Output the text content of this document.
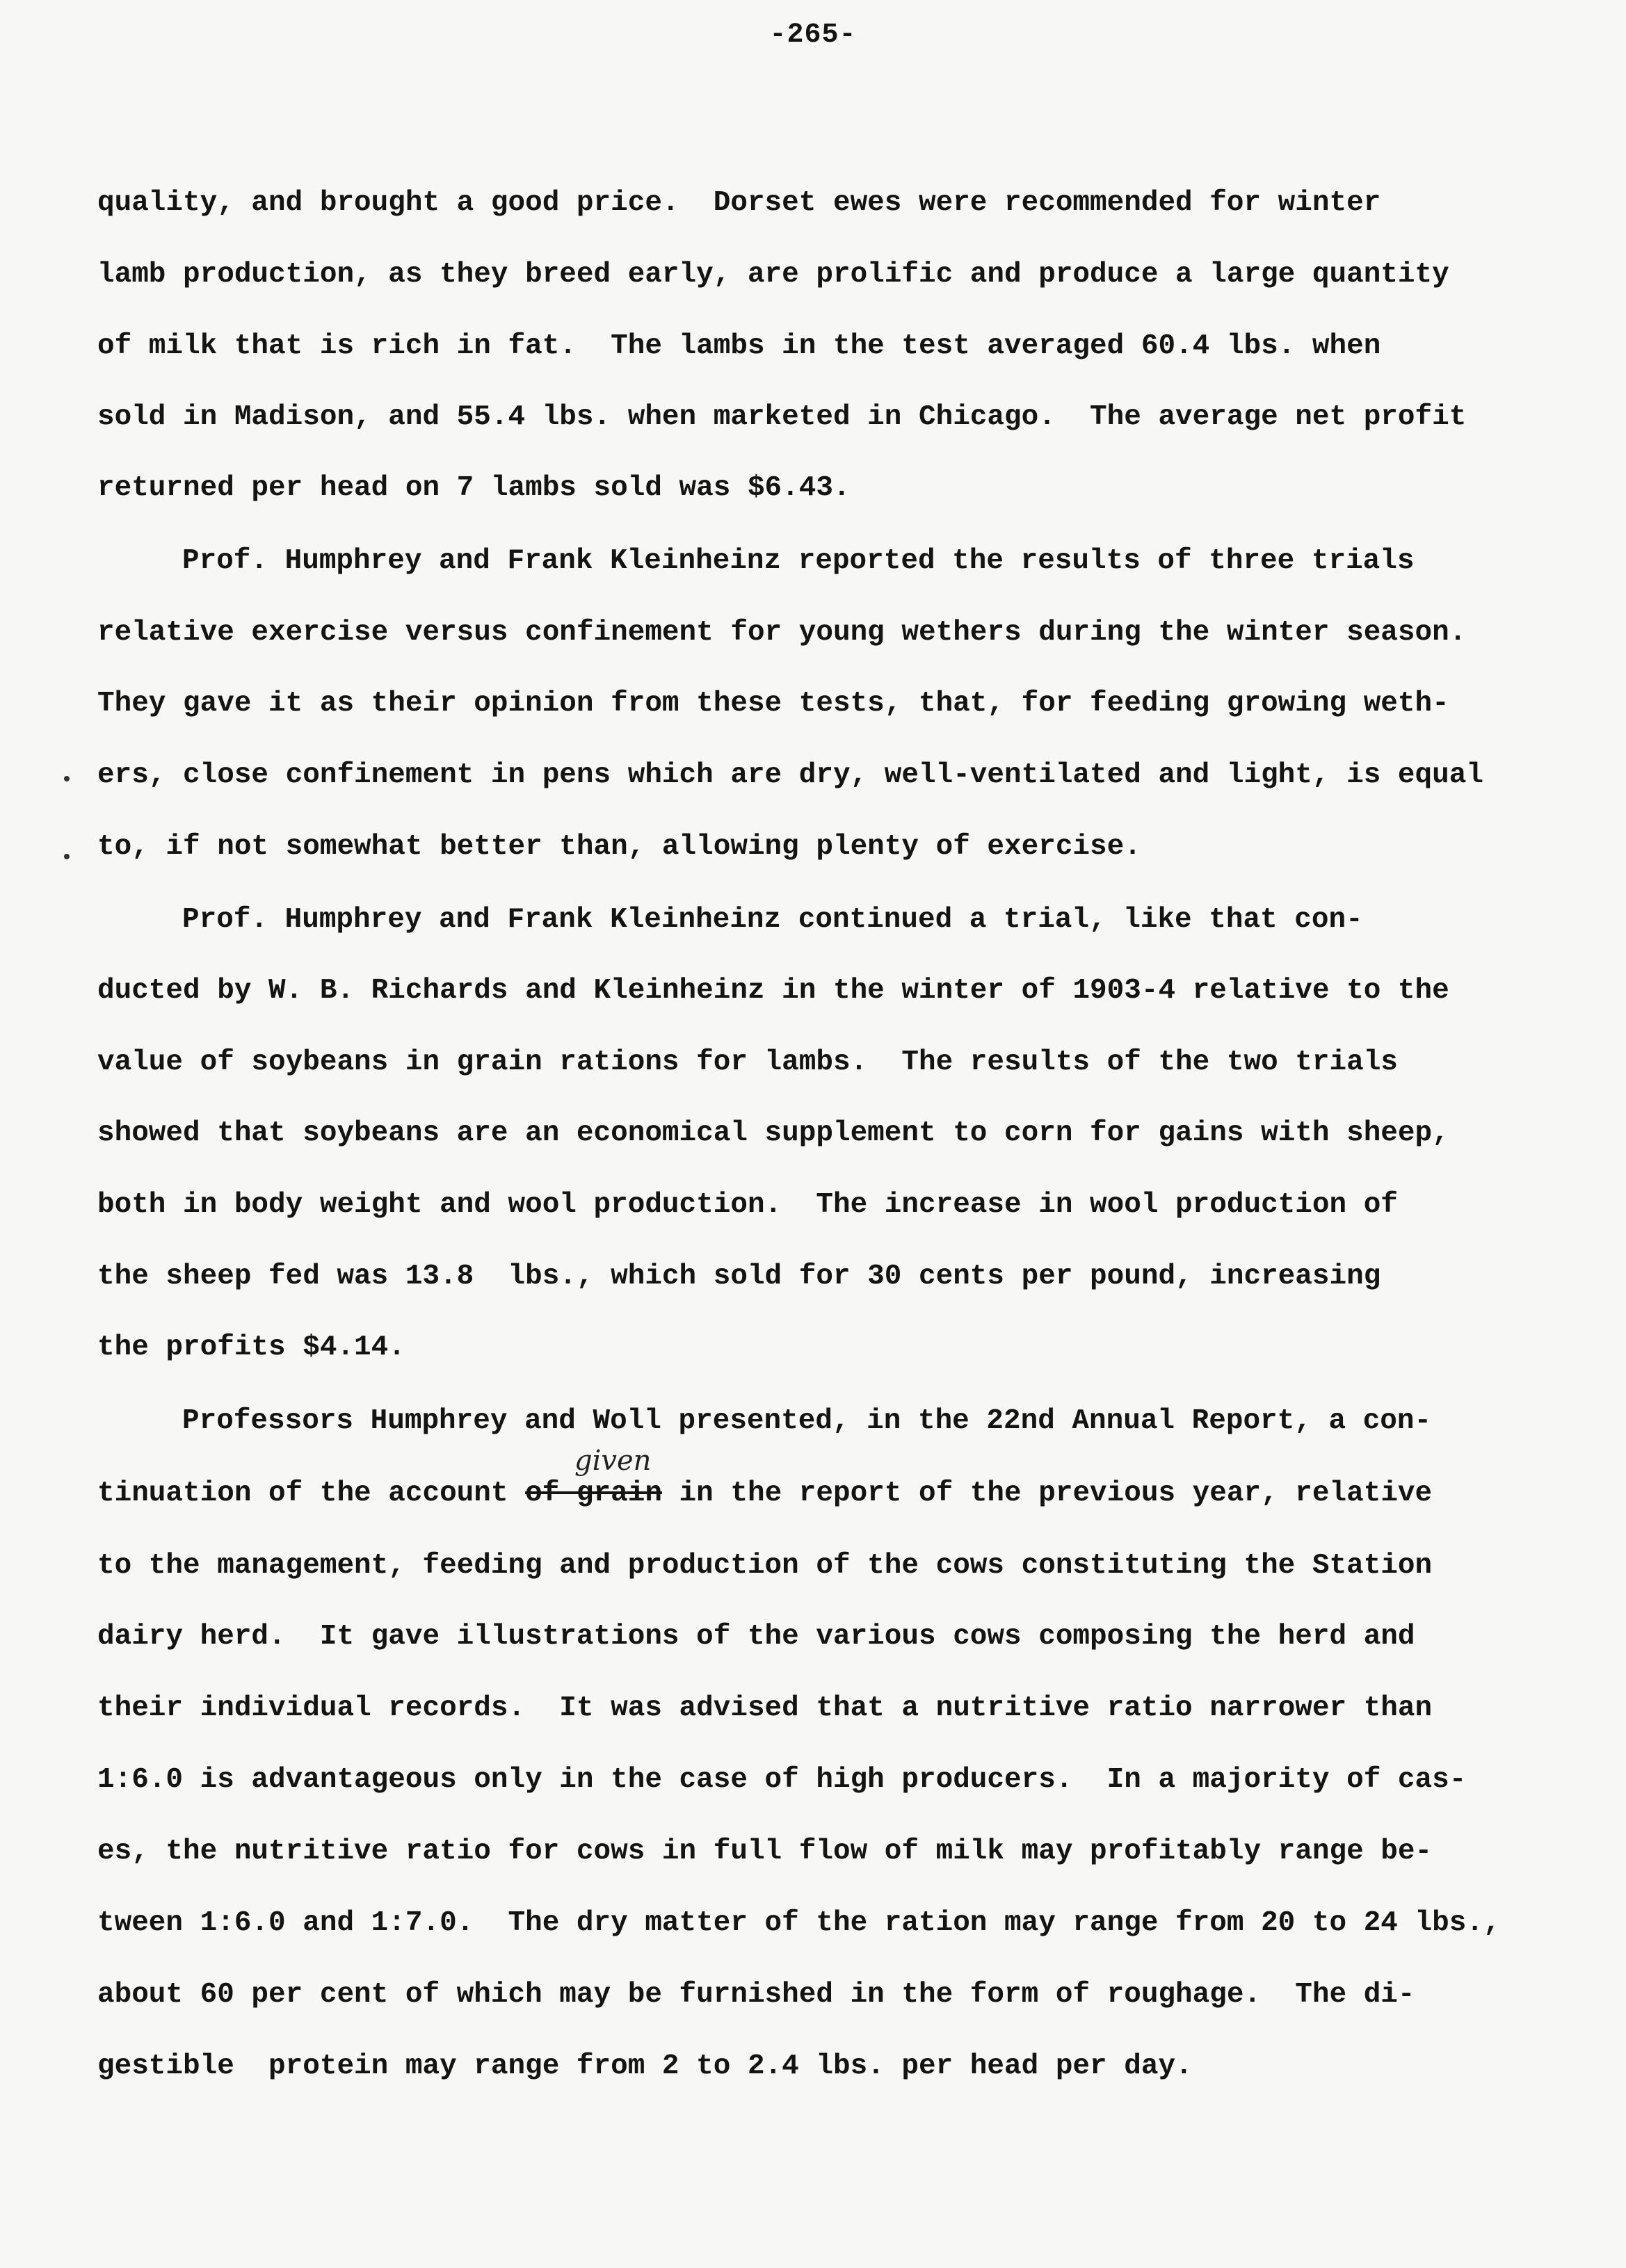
-265-
quality, and brought a good price.  Dorset ewes were recommended for winter
lamb production, as they breed early, are prolific and produce a large quantity
of milk that is rich in fat.  The lambs in the test averaged 60.4 lbs. when
sold in Madison, and 55.4 lbs. when marketed in Chicago.  The average net profit
returned per head on 7 lambs sold was $6.43.
Prof. Humphrey and Frank Kleinheinz reported the results of three trials
relative exercise versus confinement for young wethers during the winter season.
They gave it as their opinion from these tests, that, for feeding growing weth-
ers, close confinement in pens which are dry, well-ventilated and light, is equal
to, if not somewhat better than, allowing plenty of exercise.
Prof. Humphrey and Frank Kleinheinz continued a trial, like that con-
ducted by W. B. Richards and Kleinheinz in the winter of 1903-4 relative to the
value of soybeans in grain rations for lambs.  The results of the two trials
showed that soybeans are an economical supplement to corn for gains with sheep,
both in body weight and wool production.  The increase in wool production of
the sheep fed was 13.8  lbs., which sold for 30 cents per pound, increasing
the profits $4.14.
Professors Humphrey and Woll presented, in the 22nd Annual Report, a con-
given
tinuation of the account of grain in the report of the previous year, relative
to the management, feeding and production of the cows constituting the Station
dairy herd.  It gave illustrations of the various cows composing the herd and
their individual records.  It was advised that a nutritive ratio narrower than
1:6.0 is advantageous only in the case of high producers.  In a majority of cas-
es, the nutritive ratio for cows in full flow of milk may profitably range be-
tween 1:6.0 and 1:7.0.  The dry matter of the ration may range from 20 to 24 lbs.,
about 60 per cent of which may be furnished in the form of roughage.  The di-
gestible  protein may range from 2 to 2.4 lbs. per head per day.
